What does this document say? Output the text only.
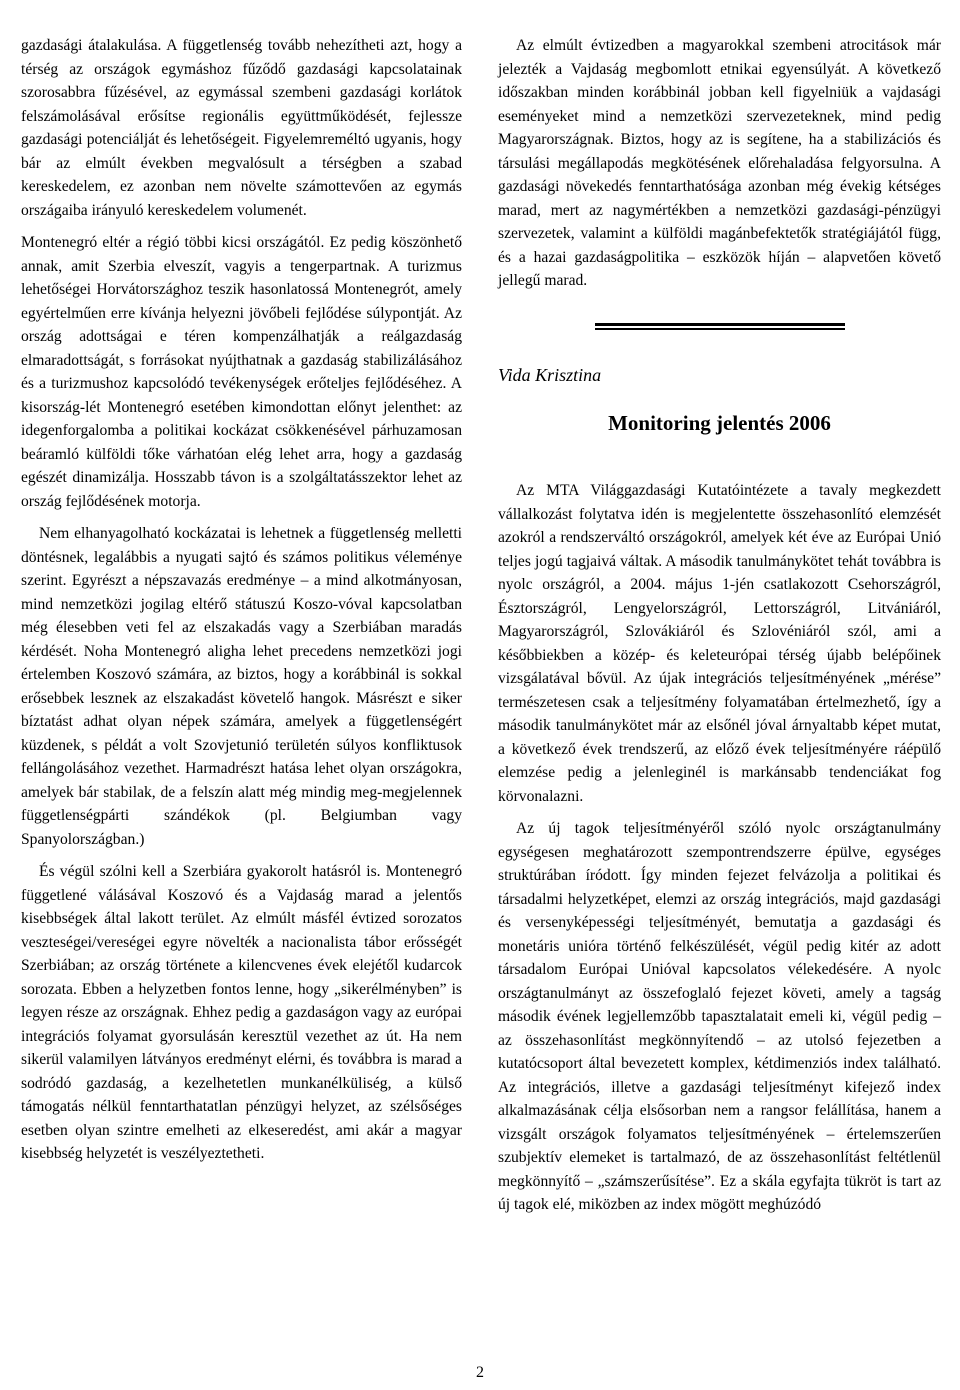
gazdasági átalakulása. A függetlenség tovább nehezítheti azt, hogy a térség az országok egymáshoz fűződő gazdasági kapcsolatainak szorosabbra fűzésével, az egymással szembeni gazdasági korlátok felszámolásával erősítse regionális együttműködését, fejlessze gazdasági potenciálját és lehetőségeit. Figyelemreméltó ugyanis, hogy bár az elmúlt években megvalósult a térségben a szabad kereskedelem, ez azonban nem növelte számottevően az egymás országaiba irányuló kereskedelem volumenét.

Montenegró eltér a régió többi kicsi országától. Ez pedig köszönhető annak, amit Szerbia elveszít, vagyis a tengerpartnak. A turizmus lehetőségei Horvátországhoz teszik hasonlatossá Montenegrót, amely egyértelműen erre kívánja helyezni jövőbeli fejlődése súlypontját. Az ország adottságai e téren kompenzálhatják a reálgazdaság elmaradottságát, s forrásokat nyújthatnak a gazdaság stabilizálásához és a turizmushoz kapcsolódó tevékenységek erőteljes fejlődéséhez. A kisország-lét Montenegró esetében kimondottan előnyt jelenthet: az idegenforgalomba a politikai kockázat csökkenésével párhuzamosan beáramló külföldi tőke várhatóan elég lehet arra, hogy a gazdaság egészét dinamizálja. Hosszabb távon is a szolgáltatásszektor lehet az ország fejlődésének motorja.

Nem elhanyagolható kockázatai is lehetnek a függetlenség melletti döntésnek, legalábbis a nyugati sajtó és számos politikus véleménye szerint. Egyrészt a népszavazás eredménye – a mind alkotmányosan, mind nemzetközi jogilag eltérő státuszú Koszo-vóval kapcsolatban még élesebben veti fel az elszakadás vagy a Szerbiában maradás kérdését. Noha Montenegró aligha lehet precedens nemzetközi jogi értelemben Koszovó számára, az biztos, hogy a korábbinál is sokkal erősebbek lesznek az elszakadást követelő hangok. Másrészt e siker bíztatást adhat olyan népek számára, amelyek a függetlenségért küzdenek, s példát a volt Szovjetunió területén súlyos konfliktusok fellángolásához vezethet. Harmadrészt hatása lehet olyan országokra, amelyek bár stabilak, de a felszín alatt még mindig meg-megjelennek függetlenségpárti szándékok (pl. Belgiumban vagy Spanyolországban.)

És végül szólni kell a Szerbiára gyakorolt hatásról is. Montenegró függetlené válásával Koszovó és a Vajdaság marad a jelentős kisebbségek által lakott terület. Az elmúlt másfél évtized sorozatos veszteségei/vereségei egyre növelték a nacionalista tábor erősségét Szerbiában; az ország története a kilencvenes évek elejétől kudarcok sorozata. Ebben a helyzetben fontos lenne, hogy „sikerélményben” is legyen része az országnak. Ehhez pedig a gazdaságon vagy az európai integrációs folyamat gyorsulásán keresztül vezethet az út. Ha nem sikerül valamilyen látványos eredményt elérni, és továbbra is marad a sodródó gazdaság, a kezelhetetlen munkanélküliség, a külső támogatás nélkül fenntarthatatlan pénzügyi helyzet, az szélsőséges esetben olyan szintre emelheti az elkeseredést, ami akár a magyar kisebbség helyzetét is veszélyeztetheti.

Az elmúlt évtizedben a magyarokkal szembeni atrocitások már jelezték a Vajdaság megbomlott etnikai egyensúlyát. A következő időszakban minden korábbinál jobban kell figyelniük a vajdasági eseményeket mind a nemzetközi szervezeteknek, mind pedig Magyarországnak. Biztos, hogy az is segítene, ha a stabilizációs és társulási megállapodás megkötésének előrehaladása felgyorsulna. A gazdasági növekedés fenntarthatósága azonban még évekig kétséges marad, mert az nagymértékben a nemzetközi gazdasági-pénzügyi szervezetek, valamint a külföldi magánbefektetők stratégiájától függ, és a hazai gazdaságpolitika – eszközök híján – alapvetően követő jellegű marad.

Vida Krisztina
Monitoring jelentés 2006

Az MTA Világgazdasági Kutatóintézete a tavaly megkezdett vállalkozást folytatva idén is megjelentette összehasonlító elemzését azokról a rendszerváltó országokról, amelyek két éve az Európai Unió teljes jogú tagjaivá váltak. A második tanulmánykötet tehát továbbra is nyolc országról, a 2004. május 1-jén csatlakozott Csehországról, Észtországról, Lengyelországról, Lettországról, Litvániáról, Magyarországról, Szlovákiáról és Szlovéniáról szól, ami a későbbiekben a közép- és keleteurópai térség újabb belépőinek vizsgálatával bővül. Az újak integrációs teljesítményének „mérése” természetesen csak a teljesítmény folyamatában értelmezhető, így a második tanulmánykötet már az elsőnél jóval árnyaltabb képet mutat, a következő évek trendszerű, az előző évek teljesítményére ráépülő elemzése pedig a jelenleginél is markánsabb tendenciákat fog körvonalazni.

Az új tagok teljesítményéről szóló nyolc országtanulmány egységesen meghatározott szempontrendszerre épülve, egységes struktúrában íródott. Így minden fejezet felvázolja a politikai és társadalmi helyzetképet, elemzi az ország integrációs, majd gazdasági és versenyképességi teljesítményét, bemutatja a gazdasági és monetáris unióra történő felkészülését, végül pedig kitér az adott társadalom Európai Unióval kapcsolatos vélekedésére. A nyolc országtanulmányt az összefoglaló fejezet követi, amely a tagság második évének legjellemzőbb tapasztalatait emeli ki, végül pedig – az összehasonlítást megkönnyítendő – az utolsó fejezetben a kutatócsoport által bevezetett komplex, kétdimenziós index található. Az integrációs, illetve a gazdasági teljesítményt kifejező index alkalmazásának célja elsősorban nem a rangsor felállítása, hanem a vizsgált országok folyamatos teljesítményének – értelemszerűen szubjektív elemeket is tartalmazó, de az összehasonlítást feltétlenül megkönnyítő – „számszerűsítése”. Ez a skála egyfajta tükröt is tart az új tagok elé, miközben az index mögött meghúzódó

2
